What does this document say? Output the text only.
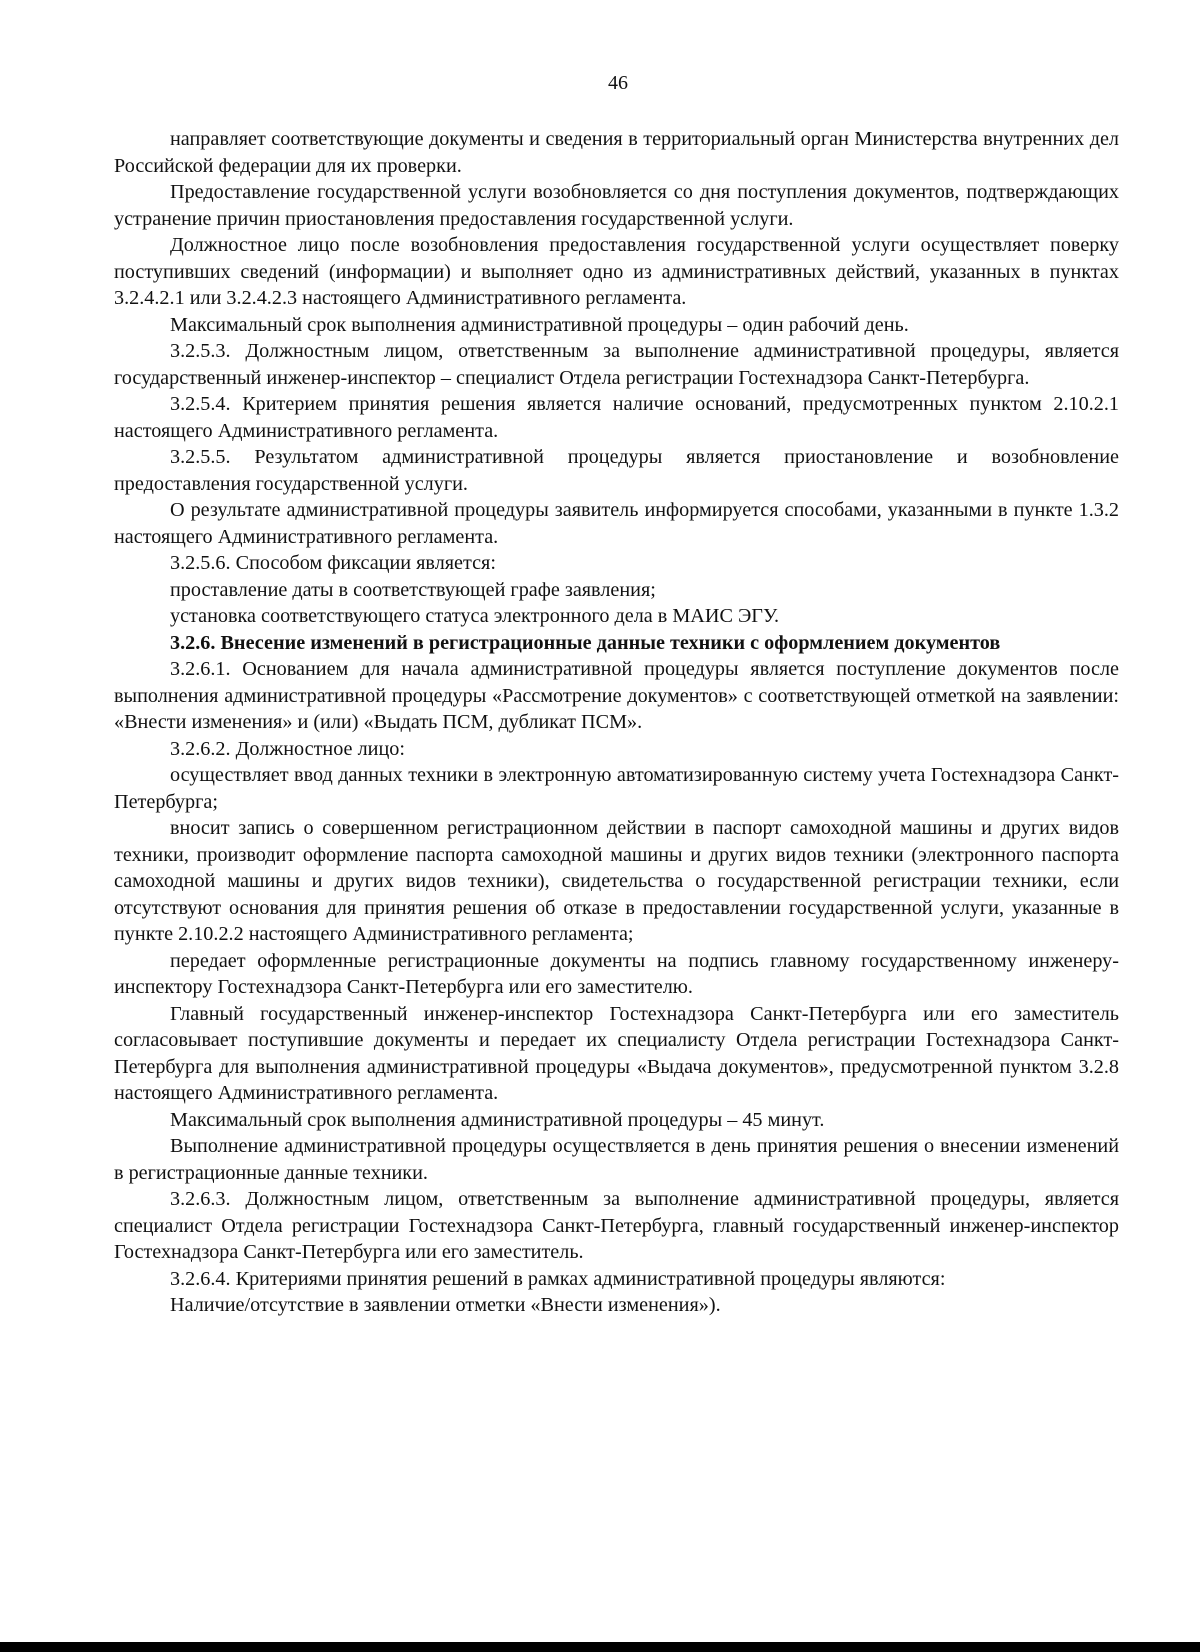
46

направляет соответствующие документы и сведения в территориальный орган Министерства внутренних дел Российской федерации для их проверки.

Предоставление государственной услуги возобновляется со дня поступления документов, подтверждающих устранение причин приостановления предоставления государственной услуги.

Должностное лицо после возобновления предоставления государственной услуги осуществляет поверку поступивших сведений (информации) и выполняет одно из административных действий, указанных в пунктах 3.2.4.2.1 или 3.2.4.2.3 настоящего Административного регламента.

Максимальный срок выполнения административной процедуры – один рабочий день.

3.2.5.3. Должностным лицом, ответственным за выполнение административной процедуры, является государственный инженер-инспектор – специалист Отдела регистрации Гостехнадзора Санкт-Петербурга.

3.2.5.4. Критерием принятия решения является наличие оснований, предусмотренных пунктом 2.10.2.1 настоящего Административного регламента.

3.2.5.5. Результатом административной процедуры является приостановление и возобновление предоставления государственной услуги.

О результате административной процедуры заявитель информируется способами, указанными в пункте 1.3.2 настоящего Административного регламента.

3.2.5.6. Способом фиксации является:

проставление даты в соответствующей графе заявления;

установка соответствующего статуса электронного дела в МАИС ЭГУ.

3.2.6. Внесение изменений в регистрационные данные техники с оформлением документов

3.2.6.1. Основанием для начала административной процедуры является поступление документов после выполнения административной процедуры «Рассмотрение документов» с соответствующей отметкой на заявлении: «Внести изменения» и (или) «Выдать ПСМ, дубликат ПСМ».

3.2.6.2. Должностное лицо:

осуществляет ввод данных техники в электронную автоматизированную систему учета Гостехнадзора Санкт-Петербурга;

вносит запись о совершенном регистрационном действии в паспорт самоходной машины и других видов техники, производит оформление паспорта самоходной машины и других видов техники (электронного паспорта самоходной машины и других видов техники), свидетельства о государственной регистрации техники, если отсутствуют основания для принятия решения об отказе в предоставлении государственной услуги, указанные в пункте 2.10.2.2 настоящего Административного регламента;

передает оформленные регистрационные документы на подпись главному государственному инженеру-инспектору Гостехнадзора Санкт-Петербурга или его заместителю.

Главный государственный инженер-инспектор Гостехнадзора Санкт-Петербурга или его заместитель согласовывает поступившие документы и передает их специалисту Отдела регистрации Гостехнадзора Санкт-Петербурга для выполнения административной процедуры «Выдача документов», предусмотренной пунктом 3.2.8 настоящего Административного регламента.

Максимальный срок выполнения административной процедуры – 45 минут.

Выполнение административной процедуры осуществляется в день принятия решения о внесении изменений в регистрационные данные техники.

3.2.6.3. Должностным лицом, ответственным за выполнение административной процедуры, является специалист Отдела регистрации Гостехнадзора Санкт-Петербурга, главный государственный инженер-инспектор Гостехнадзора Санкт-Петербурга или его заместитель.

3.2.6.4. Критериями принятия решений в рамках административной процедуры являются:

Наличие/отсутствие в заявлении отметки «Внести изменения»).
